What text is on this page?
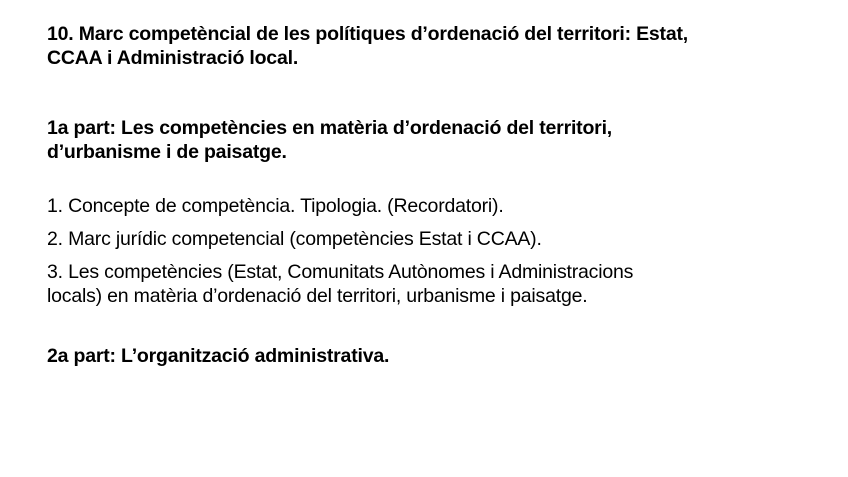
10. Marc competèncial de les polítiques d’ordenació del territori: Estat,
CCAA i Administració local.
1a part: Les competències en matèria d’ordenació del territori,
d’urbanisme i de paisatge.
1. Concepte de competència. Tipologia. (Recordatori).
2. Marc jurídic competencial (competències Estat i CCAA).
3. Les competències (Estat, Comunitats Autònomes i Administracions
locals) en matèria d’ordenació del territori, urbanisme i paisatge.
2a part: L’organització administrativa.
